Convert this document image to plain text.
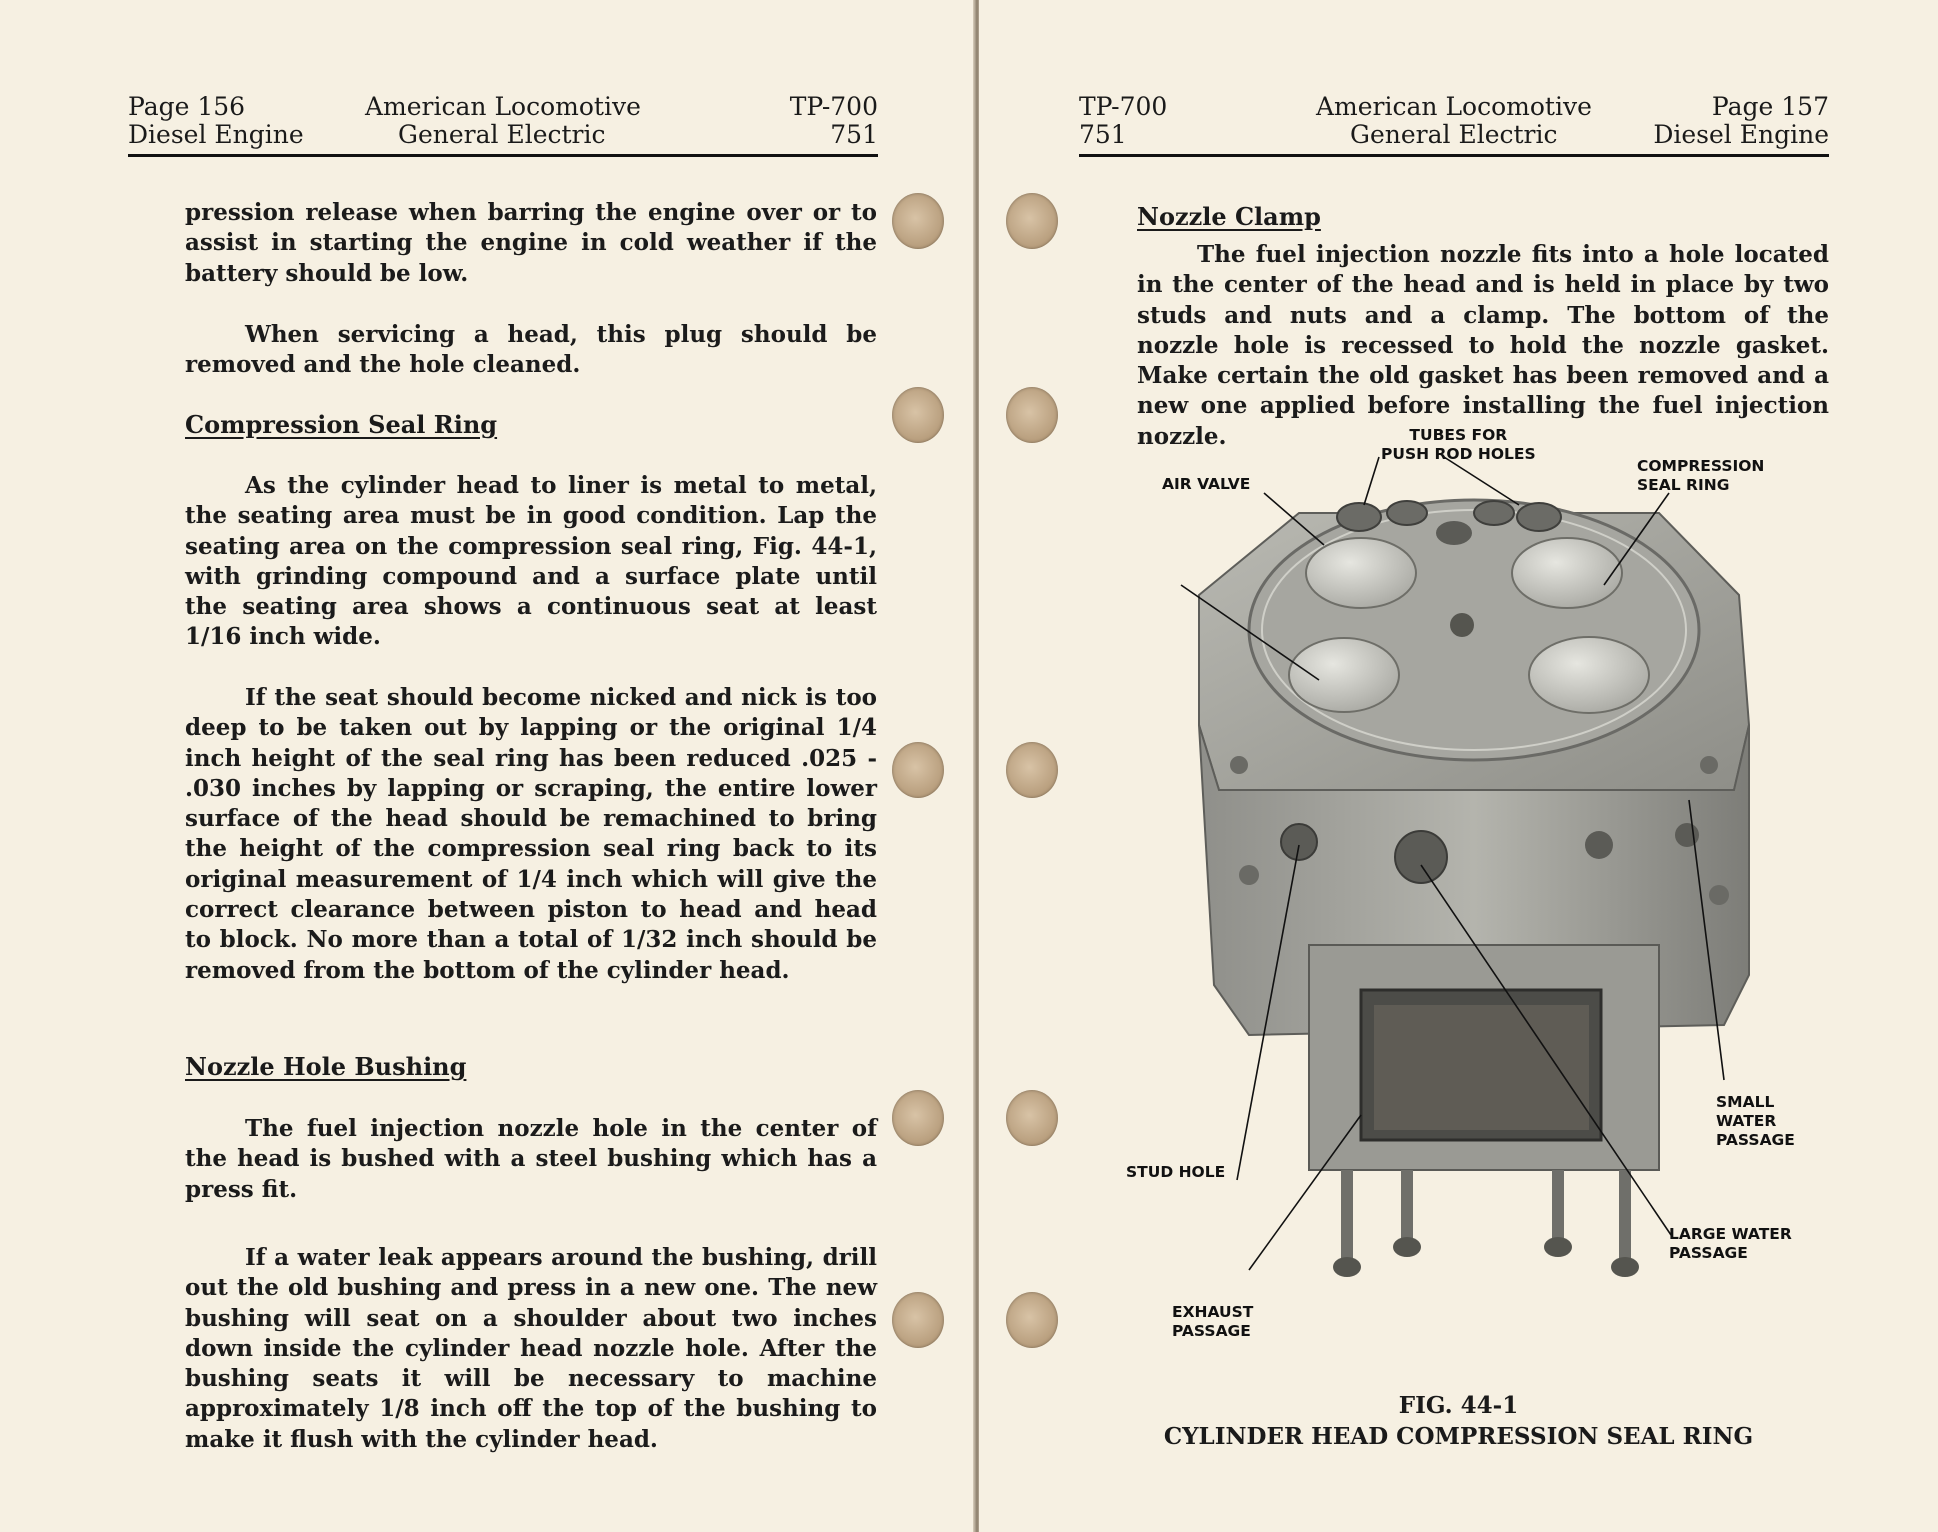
Page 156
Diesel Engine
American Locomotive
General Electric
TP-700
751

pression release when barring the engine over or to assist in starting the engine in cold weather if the battery should be low.

When servicing a head, this plug should be removed and the hole cleaned.

Compression Seal Ring

As the cylinder head to liner is metal to metal, the seating area must be in good condition. Lap the seating area on the compression seal ring, Fig. 44-1, with grinding compound and a surface plate until the seating area shows a continuous seat at least 1/16 inch wide.

If the seat should become nicked and nick is too deep to be taken out by lapping or the original 1/4 inch height of the seal ring has been reduced .025 - .030 inches by lapping or scraping, the entire lower surface of the head should be remachined to bring the height of the compression seal ring back to its original measurement of 1/4 inch which will give the correct clearance between piston to head and head to block. No more than a total of 1/32 inch should be removed from the bottom of the cylinder head.

Nozzle Hole Bushing

The fuel injection nozzle hole in the center of the head is bushed with a steel bushing which has a press fit.

If a water leak appears around the bushing, drill out the old bushing and press in a new one. The new bushing will seat on a shoulder about two inches down inside the cylinder head nozzle hole. After the bushing seats it will be necessary to machine approximately 1/8 inch off the top of the bushing to make it flush with the cylinder head.

TP-700
751
American Locomotive
General Electric
Page 157
Diesel Engine
Nozzle Clamp

The fuel injection nozzle fits into a hole located in the center of the head and is held in place by two studs and nuts and a clamp. The bottom of the nozzle hole is recessed to hold the nozzle gasket. Make certain the old gasket has been removed and a new one applied before installing the fuel injection nozzle.	TUBES FOR
PUSH ROD HOLES
AIR VALVE
COMPRESSION
SEAL RING
SMALL
WATER
PASSAGE
STUD HOLE
LARGE WATER
PASSAGE
EXHAUST
PASSAGE
FIG. 44-1
CYLINDER HEAD COMPRESSION SEAL RING
